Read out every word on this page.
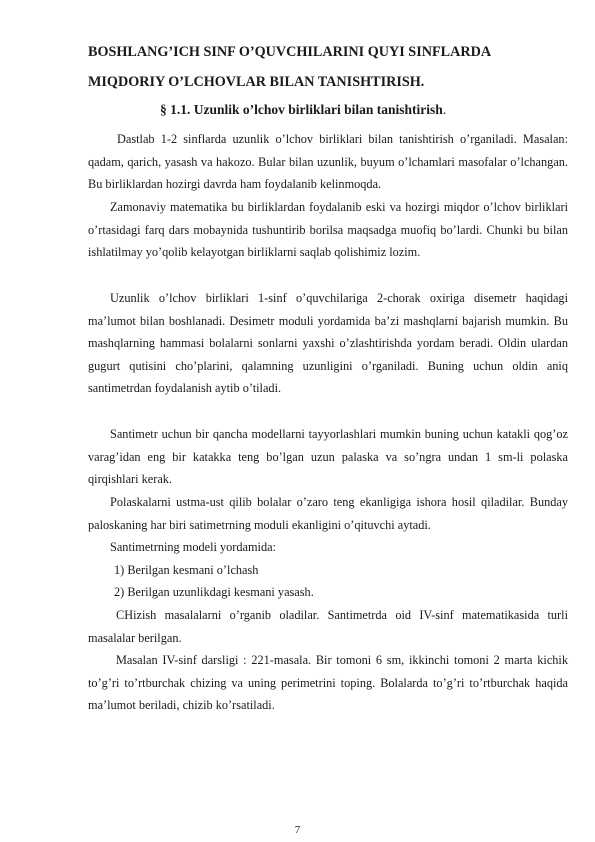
BOSHLANG’ICH SINF O’QUVCHILARINI QUYI SINFLARDA

MIQDORIY O’LCHOVLAR BILAN TANISHTIRISH.

§ 1.1. Uzunlik o’lchov birliklari bilan tanishtirish.

Dastlab 1-2 sinflarda uzunlik o’lchov birliklari bilan tanishtirish o’rganiladi. Masalan: qadam, qarich, yasash va hakozo. Bular bilan uzunlik, buyum o’lchamlari masofalar o’lchangan. Bu birliklardan hozirgi davrda ham foydalanib kelinmoqda.

Zamonaviy matematika bu birliklardan foydalanib eski va hozirgi miqdor o’lchov birliklari o’rtasidagi farq dars mobaynida tushuntirib borilsa maqsadga muofiq bo’lardi. Chunki bu bilan ishlatilmay yo’qolib kelayotgan birliklarni saqlab qolishimiz lozim.

Uzunlik o’lchov birliklari 1-sinf o’quvchilariga 2-chorak oxiriga disemetr haqidagi ma’lumot bilan boshlanadi. Desimetr moduli yordamida ba’zi mashqlarni bajarish mumkin. Bu mashqlarning hammasi bolalarni sonlarni yaxshi o’zlashtirishda yordam beradi. Oldin ulardan gugurt qutisini cho’plarini, qalamning uzunligini o’rganiladi. Buning uchun oldin aniq santimetrdan foydalanish aytib o’tiladi.

Santimetr uchun bir qancha modellarni tayyorlashlari mumkin buning uchun katakli qog’oz varag’idan eng bir katakka teng bo’lgan uzun palaska va so’ngra undan 1 sm-li polaska qirqishlari kerak.

Polaskalarni ustma-ust qilib bolalar o’zaro teng ekanligiga ishora hosil qiladilar. Bunday paloskaning har biri satimetrning moduli ekanligini o’qituvchi aytadi.

Santimetrning modeli yordamida:

1) Berilgan kesmani o’lchash

2) Berilgan uzunlikdagi kesmani yasash.

CHizish masalalarni o’rganib oladilar. Santimetrda oid IV-sinf matematikasida turli masalalar berilgan.

Masalan IV-sinf darsligi : 221-masala. Bir tomoni 6 sm, ikkinchi tomoni 2 marta kichik to’g’ri to’rtburchak chizing va uning perimetrini toping. Bolalarda to’g’ri to’rtburchak haqida ma’lumot beriladi, chizib ko’rsatiladi.

7
